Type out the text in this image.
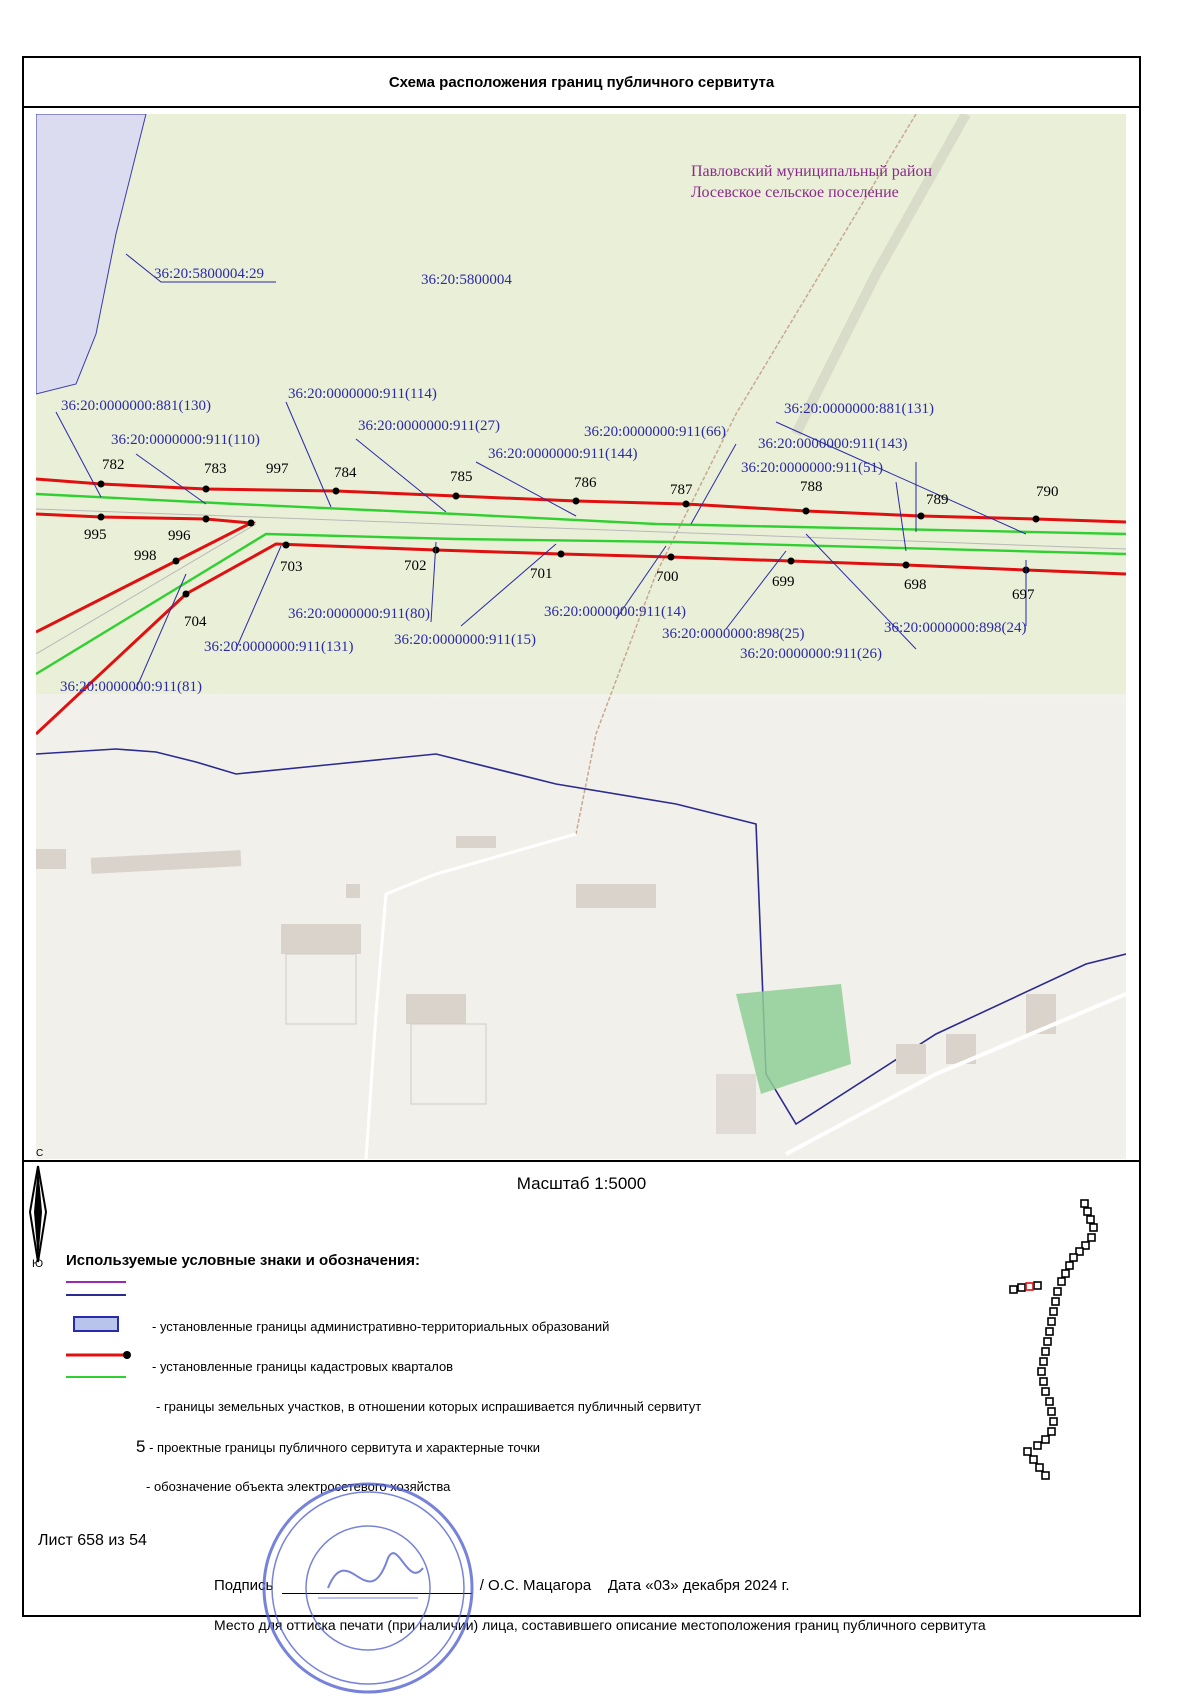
Схема расположения границ публичного сервитута
36:20:5800004:29	36:20:5800004
36:20:0000000:881(130)
36:20:0000000:911(114)
36:20:0000000:911(27)
36:20:0000000:911(110)	36:20:0000000:911(66)
36:20:0000000:911(144)
36:20:0000000:881(131)
36:20:0000000:911(143)
36:20:0000000:911(51)
36:20:0000000:911(80)
36:20:0000000:911(15)
36:20:0000000:911(14)
36:20:0000000:898(25)
36:20:0000000:911(26)
36:20:0000000:898(24)
36:20:0000000:911(131)
36:20:0000000:911(81)
Павловский муниципальный район
Лосевское сельское поселение
782	783	997	784	785	786	787	788
789	790
995	996
998
703	702	701	700	699	698
697
704
С
Ю
Масштаб 1:5000
Используемые условные знаки и обозначения:
- установленные границы административно-территориальных образований
- установленные границы кадастровых кварталов
- границы земельных участков, в отношении которых испрашивается публичный сервитут
5 - проектные границы публичного сервитута и характерные точки
- обозначение объекта электросетевого хозяйства
Лист 658 из 54
Подпись	/ О.С. Мацагора Дата «03» декабря 2024 г.
Место для оттиска печати (при наличии) лица, составившего описание местоположения границ публичного сервитута
